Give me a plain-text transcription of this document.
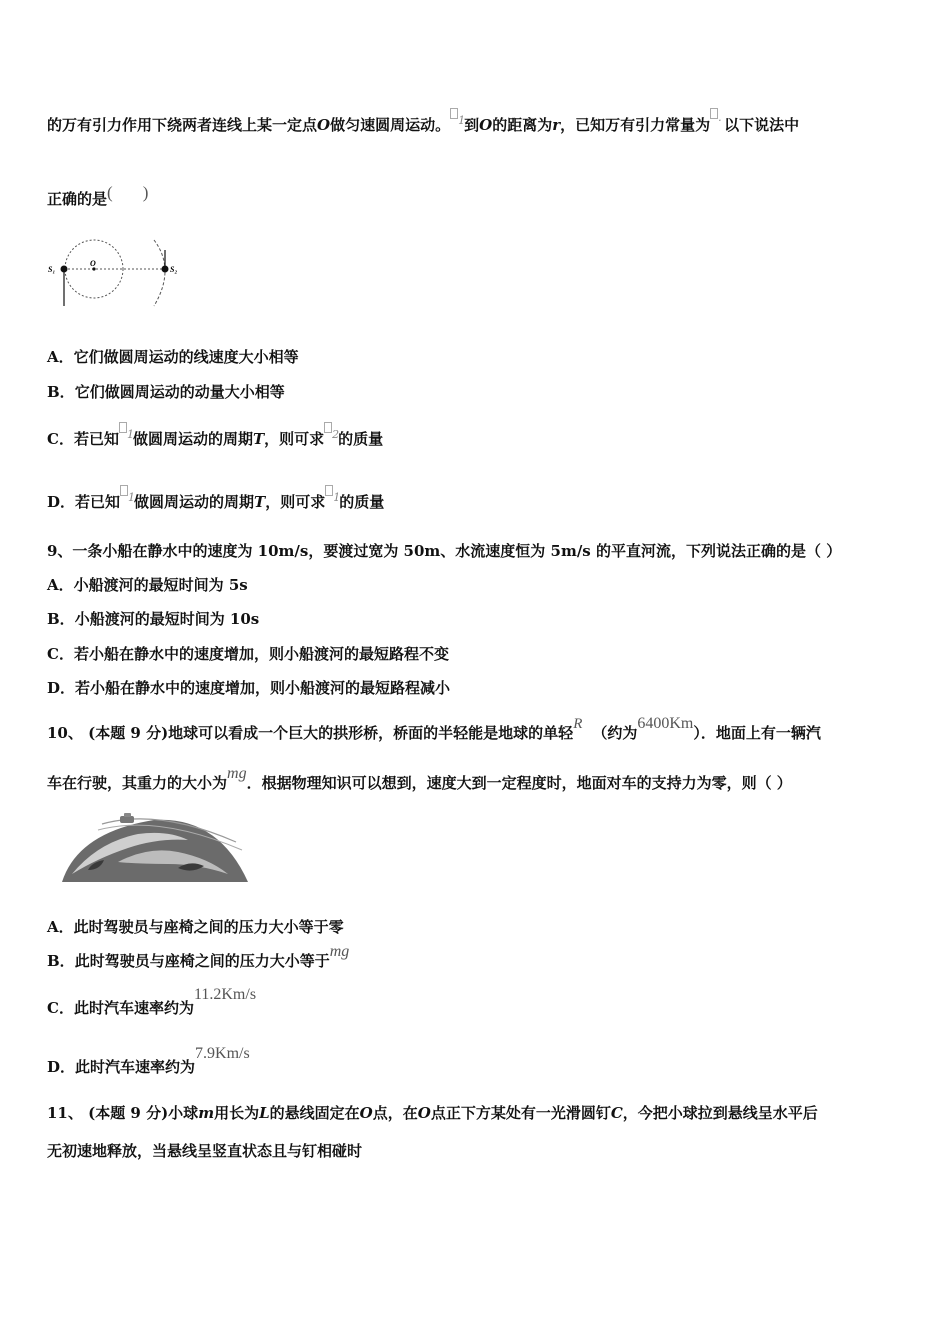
的万有引力作用下绕两者连线上某一定点O做匀速圆周运动。 1 到O的距离为r，已知万有引力常量为 · 以下说法中
正确的是( )
S₁
O
S₂
A．它们做圆周运动的线速度大小相等
B．它们做圆周运动的动量大小相等
C．若已知 1 做圆周运动的周期T，则可求 2 的质量
D．若已知 1 做圆周运动的周期T，则可求 1 的质量
9、一条小船在静水中的速度为 10m/s，要渡过宽为 50m、水流速度恒为 5m/s 的平直河流，下列说法正确的是（ ）
A．小船渡河的最短时间为 5s
B．小船渡河的最短时间为 10s
C．若小船在静水中的速度增加，则小船渡河的最短路程不变
D．若小船在静水中的速度增加，则小船渡河的最短路程减小
10、 (本题 9 分)地球可以看成一个巨大的拱形桥，桥面的半轻能是地球的单轻R （约为6400Km）．地面上有一辆汽
车在行驶，其重力的大小为mg．根据物理知识可以想到，速度大到一定程度时，地面对车的支持力为零，则（ ）
A．此时驾驶员与座椅之间的压力大小等于零
B．此时驾驶员与座椅之间的压力大小等于mg
C．此时汽车速率约为11.2Km/s
D．此时汽车速率约为7.9Km/s
11、 (本题 9 分)小球m用长为L的悬线固定在O点，在O点正下方某处有一光滑圆钉C，今把小球拉到悬线呈水平后
无初速地释放，当悬线呈竖直状态且与钉相碰时
